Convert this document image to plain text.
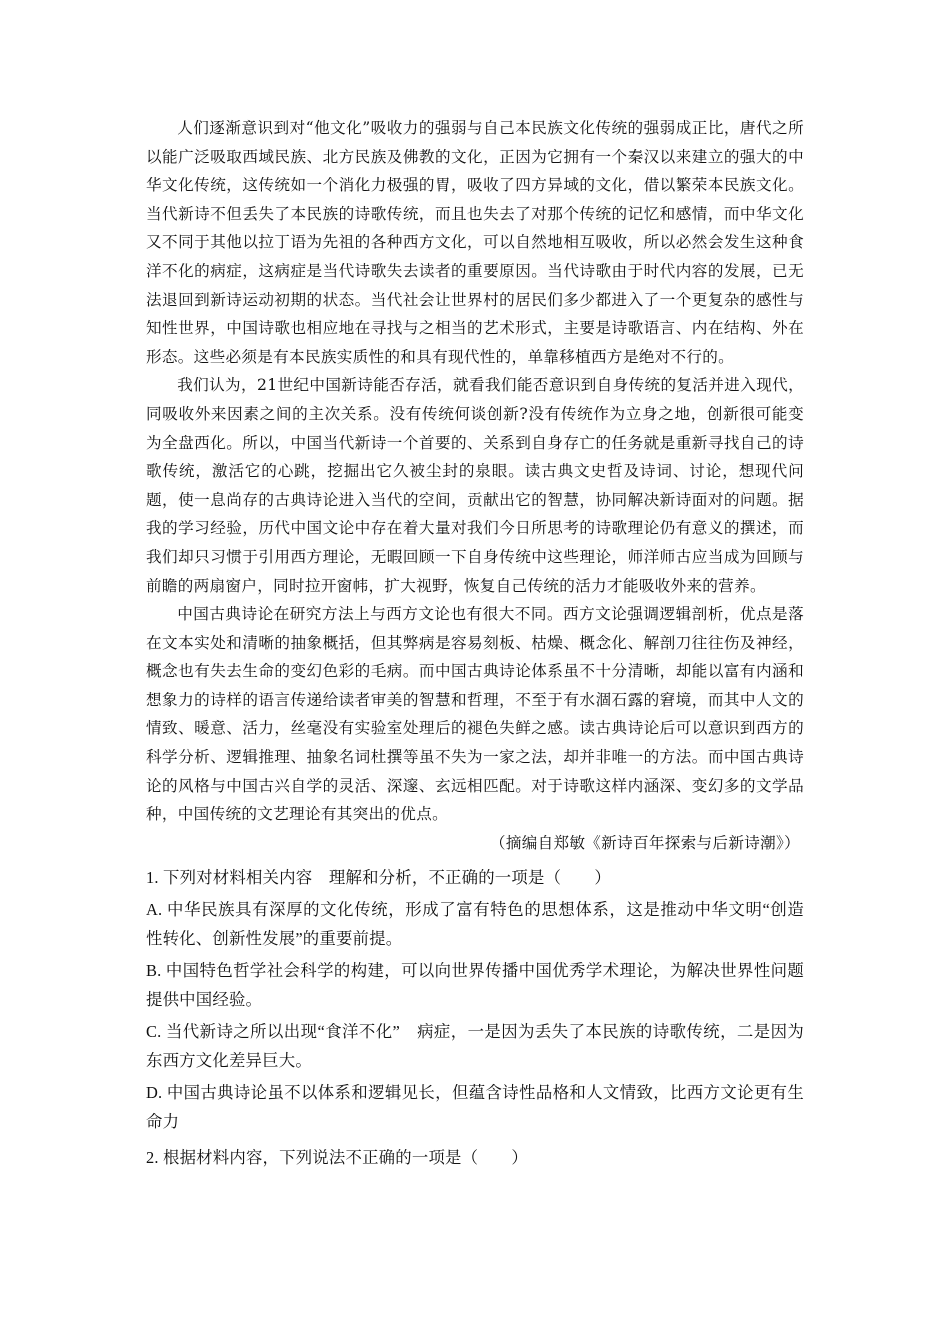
人们逐渐意识到对“他文化”吸收力的强弱与自己本民族文化传统的强弱成正比，唐代之所以能广泛吸取西域民族、北方民族及佛教的文化，正因为它拥有一个秦汉以来建立的强大的中华文化传统，这传统如一个消化力极强的胃，吸收了四方异域的文化，借以繁荣本民族文化。当代新诗不但丢失了本民族的诗歌传统，而且也失去了对那个传统的记忆和感情，而中华文化又不同于其他以拉丁语为先祖的各种西方文化，可以自然地相互吸收，所以必然会发生这种食洋不化的病症，这病症是当代诗歌失去读者的重要原因。当代诗歌由于时代内容的发展，已无法退回到新诗运动初期的状态。当代社会让世界村的居民们多少都进入了一个更复杂的感性与知性世界，中国诗歌也相应地在寻找与之相当的艺术形式，主要是诗歌语言、内在结构、外在形态。这些必须是有本民族实质性的和具有现代性的，单靠移植西方是绝对不行的。

我们认为，21世纪中国新诗能否存活，就看我们能否意识到自身传统的复活并进入现代，同吸收外来因素之间的主次关系。没有传统何谈创新?没有传统作为立身之地，创新很可能变为全盘西化。所以，中国当代新诗一个首要的、关系到自身存亡的任务就是重新寻找自己的诗歌传统，激活它的心跳，挖掘出它久被尘封的泉眼。读古典文史哲及诗词、讨论，想现代问题，使一息尚存的古典诗论进入当代的空间，贡献出它的智慧，协同解决新诗面对的问题。据我的学习经验，历代中国文论中存在着大量对我们今日所思考的诗歌理论仍有意义的撰述，而我们却只习惯于引用西方理论，无暇回顾一下自身传统中这些理论，师洋师古应当成为回顾与前瞻的两扇窗户，同时拉开窗帏，扩大视野，恢复自己传统的活力才能吸收外来的营养。

中国古典诗论在研究方法上与西方文论也有很大不同。西方文论强调逻辑剖析，优点是落在文本实处和清晰的抽象概括，但其弊病是容易刻板、枯燥、概念化、解剖刀往往伤及神经，概念也有失去生命的变幻色彩的毛病。而中国古典诗论体系虽不十分清晰，却能以富有内涵和想象力的诗样的语言传递给读者审美的智慧和哲理，不至于有水涸石露的窘境，而其中人文的情致、暖意、活力，丝毫没有实验室处理后的褪色失鲜之感。读古典诗论后可以意识到西方的科学分析、逻辑推理、抽象名词杜撰等虽不失为一家之法，却并非唯一的方法。而中国古典诗论的风格与中国古兴自学的灵活、深邃、玄远相匹配。对于诗歌这样内涵深、变幻多的文学品种，中国传统的文艺理论有其突出的优点。

（摘编自郑敏《新诗百年探索与后新诗潮》）

1. 下列对材料相关内容　理解和分析，不正确的一项是（　　）

A. 中华民族具有深厚的文化传统，形成了富有特色的思想体系，这是推动中华文明“创造性转化、创新性发展”的重要前提。

B. 中国特色哲学社会科学的构建，可以向世界传播中国优秀学术理论，为解决世界性问题提供中国经验。

C. 当代新诗之所以出现“食洋不化”　病症，一是因为丢失了本民族的诗歌传统，二是因为东西方文化差异巨大。

D. 中国古典诗论虽不以体系和逻辑见长，但蕴含诗性品格和人文情致，比西方文论更有生命力

2. 根据材料内容，下列说法不正确的一项是（　　）
